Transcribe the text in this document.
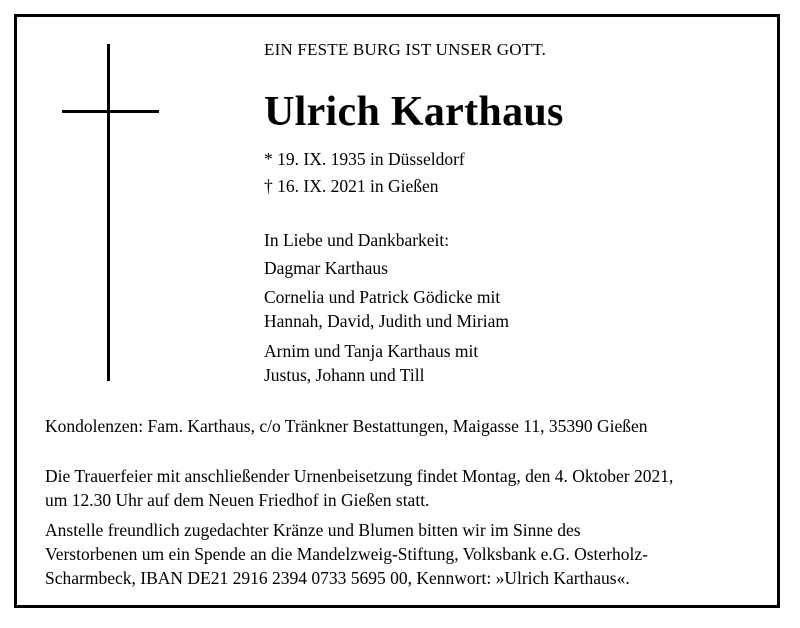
EIN FESTE BURG IST UNSER GOTT.
Ulrich Karthaus
* 19. IX. 1935 in Düsseldorf
† 16. IX. 2021 in Gießen
In Liebe und Dankbarkeit:
Dagmar Karthaus
Cornelia und Patrick Gödicke mit
Hannah, David, Judith und Miriam
Arnim und Tanja Karthaus mit
Justus, Johann und Till
Kondolenzen: Fam. Karthaus, c/o Tränkner Bestattungen, Maigasse 11, 35390 Gießen
Die Trauerfeier mit anschließender Urnenbeisetzung findet Montag, den 4. Oktober 2021,
um 12.30 Uhr auf dem Neuen Friedhof in Gießen statt.
Anstelle freundlich zugedachter Kränze und Blumen bitten wir im Sinne des
Verstorbenen um ein Spende an die Mandelzweig-Stiftung, Volksbank e.G. Osterholz-
Scharmbeck, IBAN DE21 2916 2394 0733 5695 00, Kennwort: »Ulrich Karthaus«.
